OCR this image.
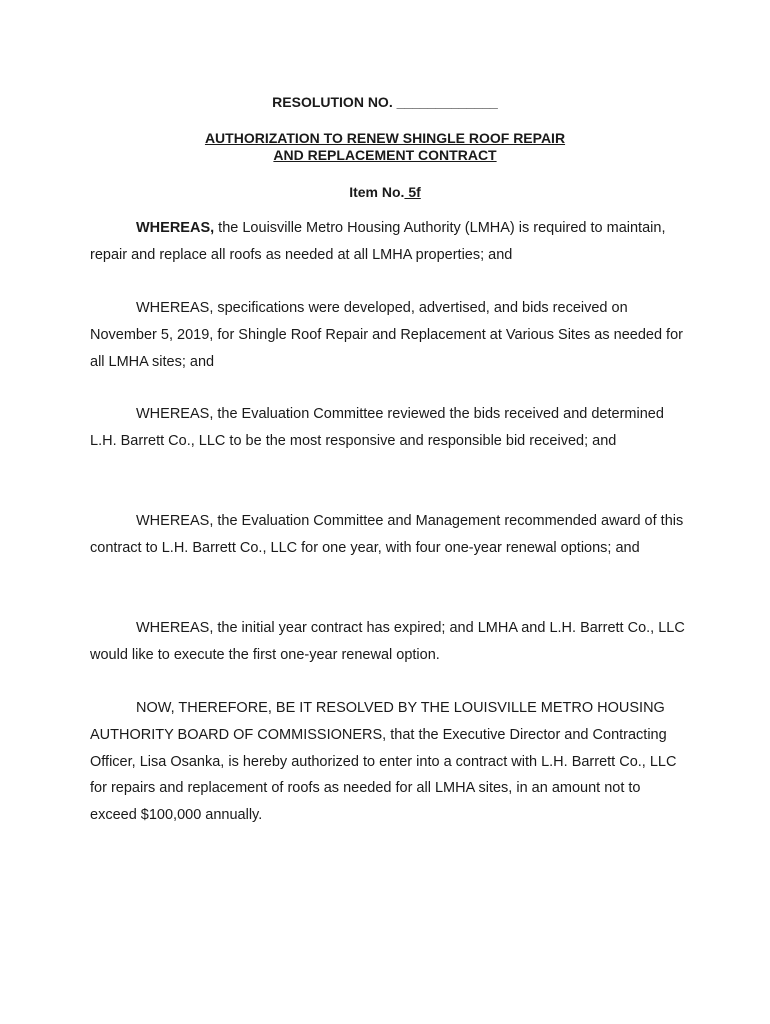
RESOLUTION NO. _____________
AUTHORIZATION TO RENEW SHINGLE ROOF REPAIR
AND REPLACEMENT CONTRACT
Item No. 5f

WHEREAS, the Louisville Metro Housing Authority (LMHA) is required to maintain, repair and replace all roofs as needed at all LMHA properties; and

WHEREAS, specifications were developed, advertised, and bids received on November 5, 2019, for Shingle Roof Repair and Replacement at Various Sites as needed for all LMHA sites; and

WHEREAS, the Evaluation Committee reviewed the bids received and determined L.H. Barrett Co., LLC to be the most responsive and responsible bid received; and

WHEREAS, the Evaluation Committee and Management recommended award of this contract to L.H. Barrett Co., LLC for one year, with four one-year renewal options; and

WHEREAS, the initial year contract has expired; and LMHA and L.H. Barrett Co., LLC would like to execute the first one-year renewal option.

NOW, THEREFORE, BE IT RESOLVED BY THE LOUISVILLE METRO HOUSING AUTHORITY BOARD OF COMMISSIONERS, that the Executive Director and Contracting Officer, Lisa Osanka, is hereby authorized to enter into a contract with L.H. Barrett Co., LLC for repairs and replacement of roofs as needed for all LMHA sites, in an amount not to exceed $100,000 annually.
